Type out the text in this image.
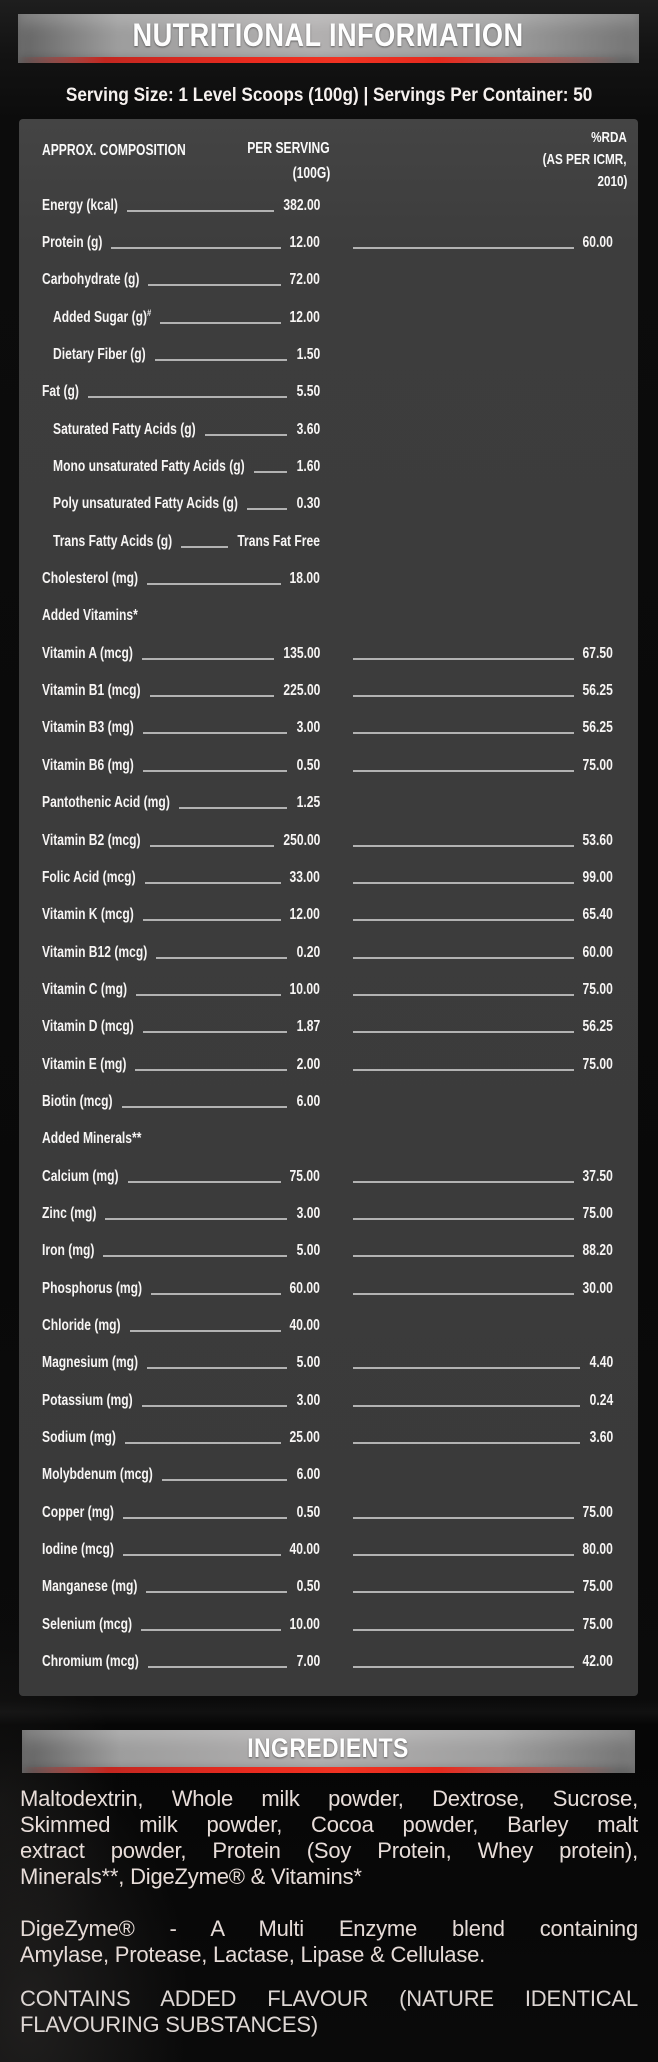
NUTRITIONAL INFORMATION
Serving Size: 1 Level Scoops (100g) | Servings Per Container: 50
APPROX. COMPOSITION	PER SERVING
(100G)
%RDA
(AS PER ICMR,
2010)
Energy (kcal)	382.00
Protein (g)	12.00	60.00
Carbohydrate (g)	72.00
Added Sugar (g)#	12.00
Dietary Fiber (g)	1.50
Fat (g)	5.50
Saturated Fatty Acids (g)	3.60
Mono unsaturated Fatty Acids (g)	1.60
Poly unsaturated Fatty Acids (g)	0.30
Trans Fatty Acids (g)	Trans Fat Free
Cholesterol (mg)	18.00
Added Vitamins*
Vitamin A (mcg)	135.00	67.50
Vitamin B1 (mcg)	225.00	56.25
Vitamin B3 (mg)	3.00	56.25
Vitamin B6 (mg)	0.50	75.00
Pantothenic Acid (mg)	1.25
Vitamin B2 (mcg)	250.00	53.60
Folic Acid (mcg)	33.00	99.00
Vitamin K (mcg)	12.00	65.40
Vitamin B12 (mcg)	0.20	60.00
Vitamin C (mg)	10.00	75.00
Vitamin D (mcg)	1.87	56.25
Vitamin E (mg)	2.00	75.00
Biotin (mcg)	6.00
Added Minerals**
Calcium (mg)	75.00	37.50
Zinc (mg)	3.00	75.00
Iron (mg)	5.00	88.20
Phosphorus (mg)	60.00	30.00
Chloride (mg)	40.00
Magnesium (mg)	5.00	4.40
Potassium (mg)	3.00	0.24
Sodium (mg)	25.00	3.60
Molybdenum (mcg)	6.00
Copper (mg)	0.50	75.00
Iodine (mcg)	40.00	80.00
Manganese (mg)	0.50	75.00
Selenium (mcg)	10.00	75.00
Chromium (mcg)	7.00	42.00
INGREDIENTS
Maltodextrin, Whole milk powder, Dextrose, Sucrose,
Skimmed milk powder, Cocoa powder, Barley malt
extract powder, Protein (Soy Protein, Whey protein),
Minerals**, DigeZyme® & Vitamins*
DigeZyme® - A Multi Enzyme blend containing
Amylase, Protease, Lactase, Lipase & Cellulase.
CONTAINS ADDED FLAVOUR (NATURE IDENTICAL
FLAVOURING SUBSTANCES)
